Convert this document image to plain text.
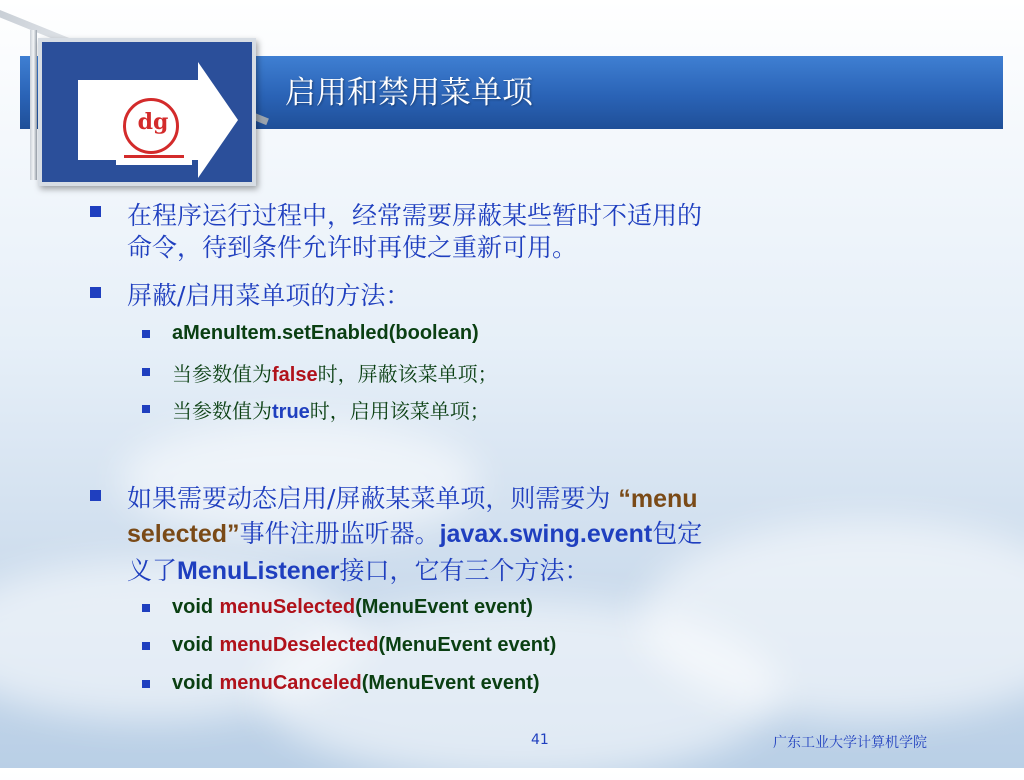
dg
启用和禁用菜单项
在程序运行过程中，经常需要屏蔽某些暂时不适用的
命令，待到条件允许时再使之重新可用。
屏蔽/启用菜单项的方法：
aMenuItem.setEnabled(boolean)
当参数值为false时，屏蔽该菜单项；
当参数值为true时，启用该菜单项；
如果需要动态启用/屏蔽某菜单项，则需要为 “menu
selected”事件注册监听器。javax.swing.event包定
义了MenuListener接口，它有三个方法：
void menuSelected(MenuEvent event)
void menuDeselected(MenuEvent event)
void menuCanceled(MenuEvent event)
41	广东工业大学计算机学院
